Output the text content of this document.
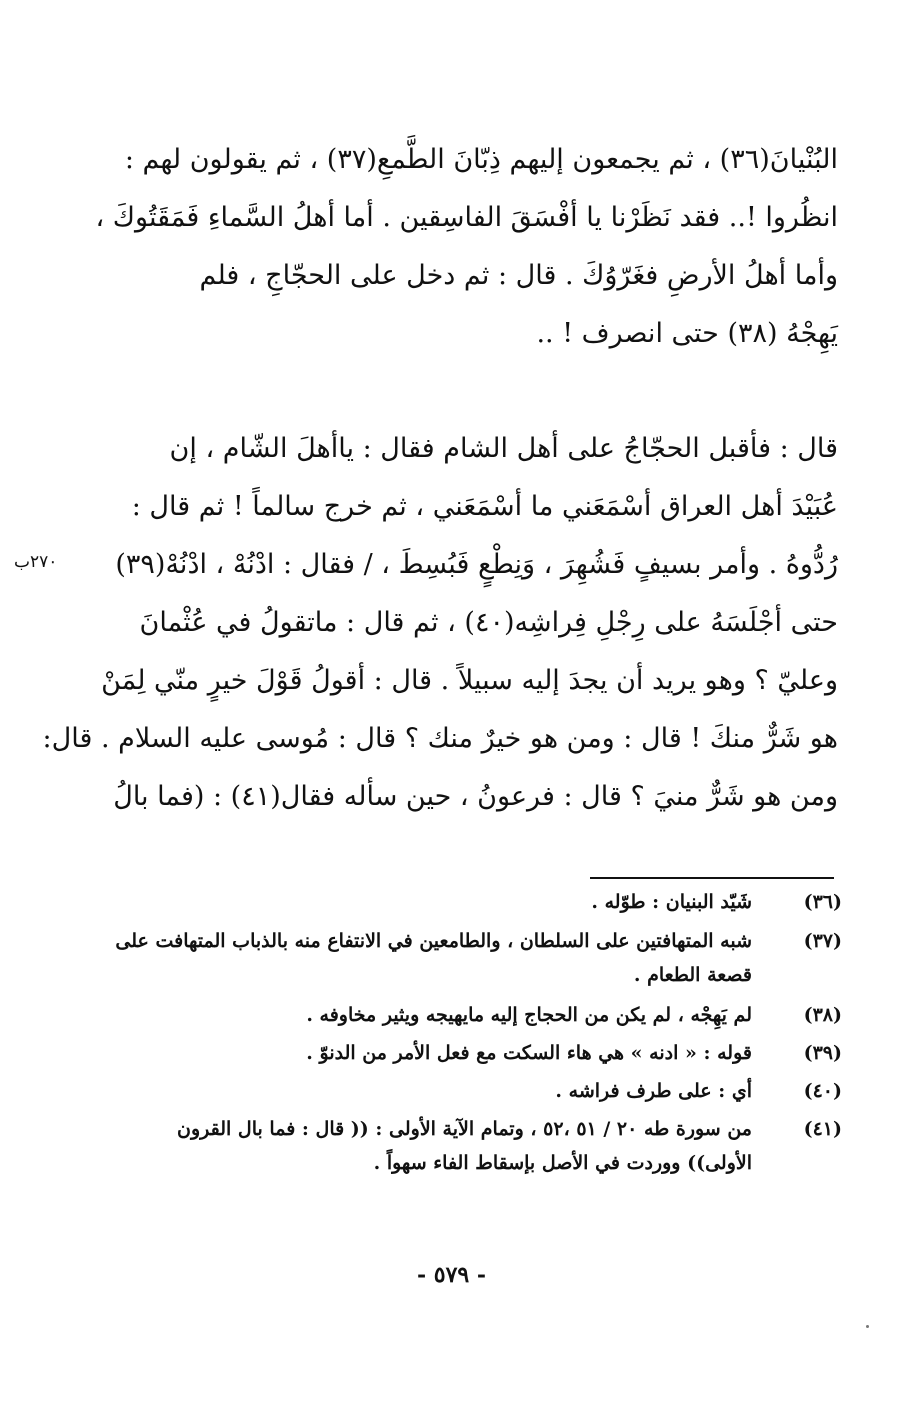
البُنْيانَ(٣٦) ، ثم يجمعون إليهم ذِبّانَ الطَّمعِ(٣٧) ، ثم يقولون لهم :
انظُروا !.. فقد نَظَرْنا يا أفْسَقَ الفاسِقين . أما أهلُ السَّماءِ فَمَقَتُوكَ ،
وأما أهلُ الأرضِ فغَرّوُكَ . قال : ثم دخل على الحجّاجِ ، فلم
يَهِجْهُ (٣٨) حتى انصرف ! ..
قال : فأقبل الحجّاجُ على أهل الشام فقال : ياأهلَ الشّام ، إن
عُبَيْدَ أهل العراق أسْمَعَني ما أسْمَعَني ، ثم خرج سالماً ! ثم قال :
رُدُّوهُ . وأمر بسيفٍ فَشُهِرَ ، وَنِطْعٍ فَبُسِطَ ، / فقال : ادْنُهْ ، ادْنُهْ(٣٩)
حتى أجْلَسَهُ على رِجْلِ فِراشِه(٤٠) ، ثم قال : ماتقولُ في عُثْمانَ
وعليّ ؟ وهو يريد أن يجدَ إليه سبيلاً . قال : أقولُ قَوْلَ خيرٍ منّي لِمَنْ
هو شَرٌّ منكَ ! قال : ومن هو خيرٌ منك ؟ قال : مُوسى عليه السلام . قال:
ومن هو شَرٌّ منيَ ؟ قال : فرعونُ ، حين سأله فقال(٤١) : (فما بالُ
٢٧٠ب
(٣٦)
شَيّد البنيان : طوّله .
(٣٧)
شبه المتهافتين على السلطان ، والطامعين في الانتفاع منه بالذباب المتهافت على
قصعة الطعام .
(٣٨)
لم يَهِجْه ، لم يكن من الحجاج إليه مايهيجه ويثير مخاوفه .
(٣٩)
قوله : « ادنه » هي هاء السكت مع فعل الأمر من الدنوّ .
(٤٠)
أي : على طرف فراشه .
(٤١)
من سورة طه ٢٠ / ٥١ ،٥٢ ، وتمام الآية الأولى : (( قال : فما بال القرون
الأولى)) ووردت في الأصل بإسقاط الفاء سهواً .
- ٥٧٩ -
